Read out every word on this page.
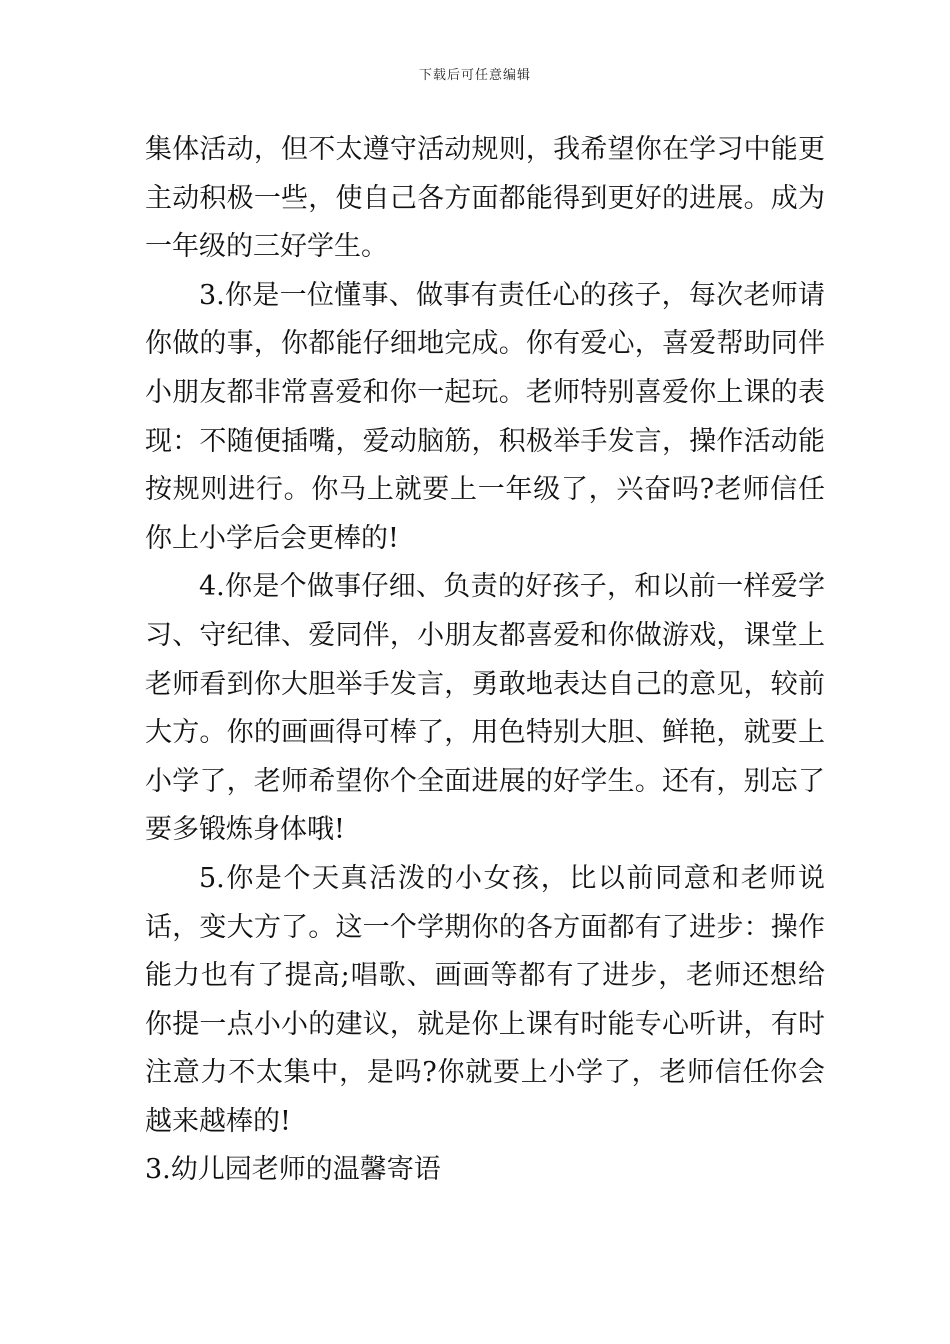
下载后可任意编辑

集体活动，但不太遵守活动规则，我希望你在学习中能更主动积极一些，使自己各方面都能得到更好的进展。成为一年级的三好学生。

3.你是一位懂事、做事有责任心的孩子，每次老师请你做的事，你都能仔细地完成。你有爱心，喜爱帮助同伴小朋友都非常喜爱和你一起玩。老师特别喜爱你上课的表现：不随便插嘴，爱动脑筋，积极举手发言，操作活动能按规则进行。你马上就要上一年级了，兴奋吗?老师信任你上小学后会更棒的!

4.你是个做事仔细、负责的好孩子，和以前一样爱学习、守纪律、爱同伴，小朋友都喜爱和你做游戏，课堂上老师看到你大胆举手发言，勇敢地表达自己的意见，较前大方。你的画画得可棒了，用色特别大胆、鲜艳，就要上小学了，老师希望你个全面进展的好学生。还有，别忘了要多锻炼身体哦!

5.你是个天真活泼的小女孩，比以前同意和老师说话，变大方了。这一个学期你的各方面都有了进步：操作能力也有了提高;唱歌、画画等都有了进步，老师还想给你提一点小小的建议，就是你上课有时能专心听讲，有时注意力不太集中，是吗?你就要上小学了，老师信任你会越来越棒的!

3.幼儿园老师的温馨寄语
